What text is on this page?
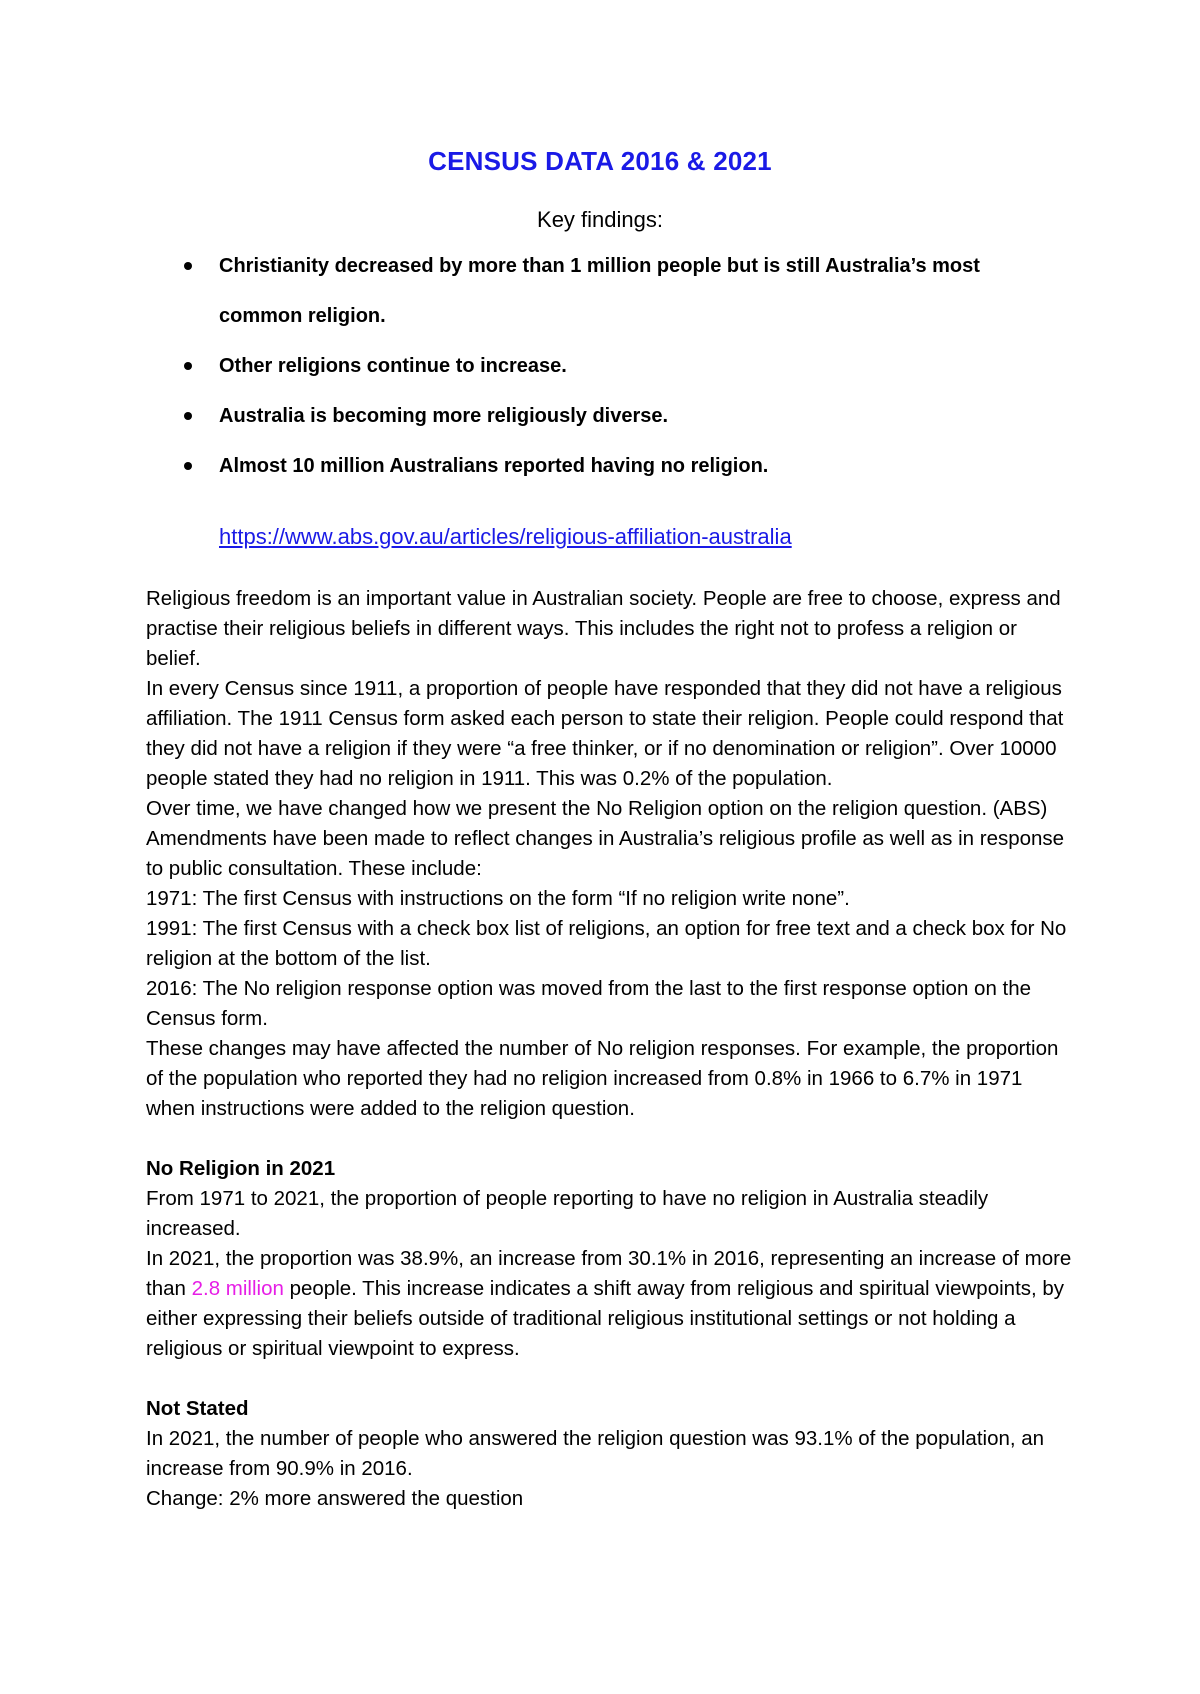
CENSUS DATA 2016 & 2021

Key findings:

Christianity decreased by more than 1 million people but is still Australia’s most common religion.
Other religions continue to increase.
Australia is becoming more religiously diverse.
Almost 10 million Australians reported having no religion.
https://www.abs.gov.au/articles/religious-affiliation-australia

Religious freedom is an important value in Australian society. People are free to choose, express and practise their religious beliefs in different ways. This includes the right not to profess a religion or belief.

In every Census since 1911, a proportion of people have responded that they did not have a religious affiliation. The 1911 Census form asked each person to state their religion. People could respond that they did not have a religion if they were “a free thinker, or if no denomination or religion”. Over 10000 people stated they had no religion in 1911. This was 0.2% of the population.

Over time, we have changed how we present the No Religion option on the religion question. (ABS) Amendments have been made to reflect changes in Australia’s religious profile as well as in response to public consultation. These include:

1971: The first Census with instructions on the form “If no religion write none”.

1991: The first Census with a check box list of religions, an option for free text and a check box for No religion at the bottom of the list.

2016: The No religion response option was moved from the last to the first response option on the Census form.

These changes may have affected the number of No religion responses. For example, the proportion of the population who reported they had no religion increased from 0.8% in 1966 to 6.7% in 1971 when instructions were added to the religion question.

No Religion in 2021

From 1971 to 2021, the proportion of people reporting to have no religion in Australia steadily increased.

In 2021, the proportion was 38.9%, an increase from 30.1% in 2016, representing an increase of more than 2.8 million people. This increase indicates a shift away from religious and spiritual viewpoints, by either expressing their beliefs outside of traditional religious institutional settings or not holding a religious or spiritual viewpoint to express.

Not Stated

In 2021, the number of people who answered the religion question was 93.1% of the population, an increase from 90.9% in 2016.

Change: 2% more answered the question
